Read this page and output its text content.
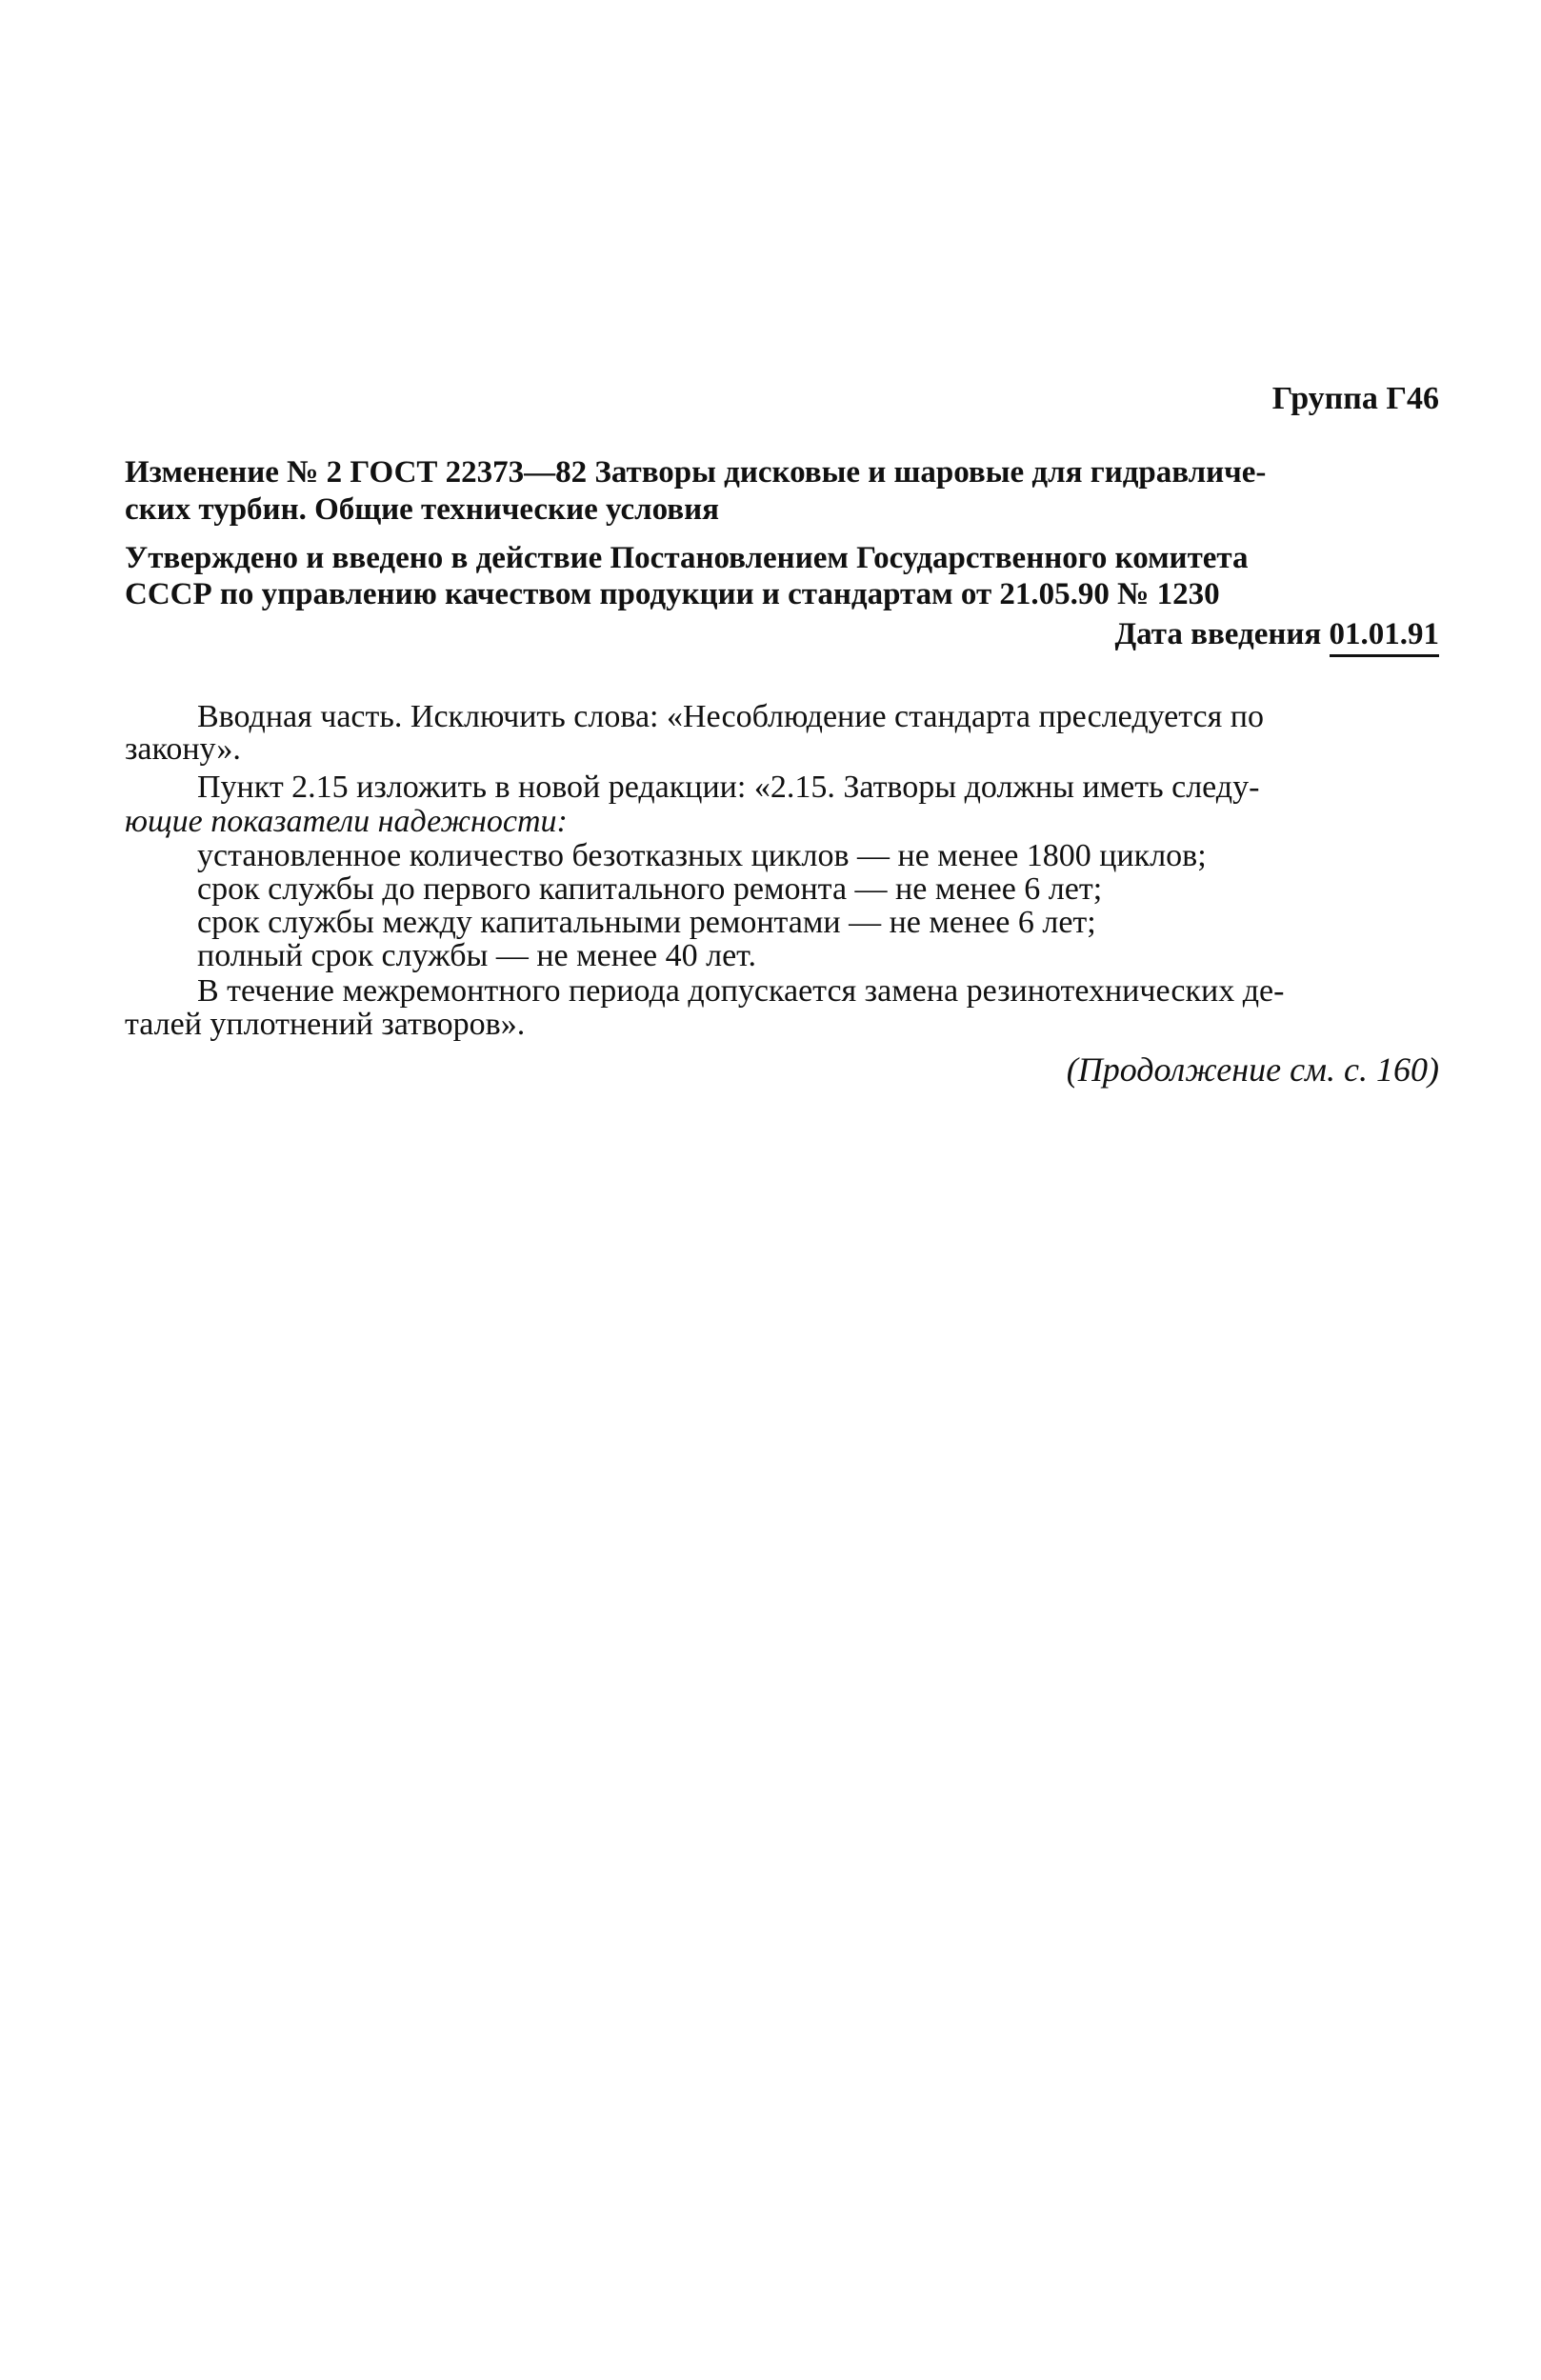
Группа Г46
Изменение № 2 ГОСТ 22373—82 Затворы дисковые и шаровые для гидравличе-
ских турбин. Общие технические условия
Утверждено и введено в действие Постановлением Государственного комитета
СССР по управлению качеством продукции и стандартам от 21.05.90 № 1230
Дата введения 01.01.91
Вводная часть. Исключить слова: «Несоблюдение стандарта преследуется по
закону».
Пункт 2.15 изложить в новой редакции: «2.15. Затворы должны иметь следу-
ющие показатели надежности:
установленное количество безотказных циклов — не менее 1800 циклов;
срок службы до первого капитального ремонта — не менее 6 лет;
срок службы между капитальными ремонтами — не менее 6 лет;
полный срок службы — не менее 40 лет.
В течение межремонтного периода допускается замена резинотехнических де-
талей уплотнений затворов».
(Продолжение см. с. 160)
